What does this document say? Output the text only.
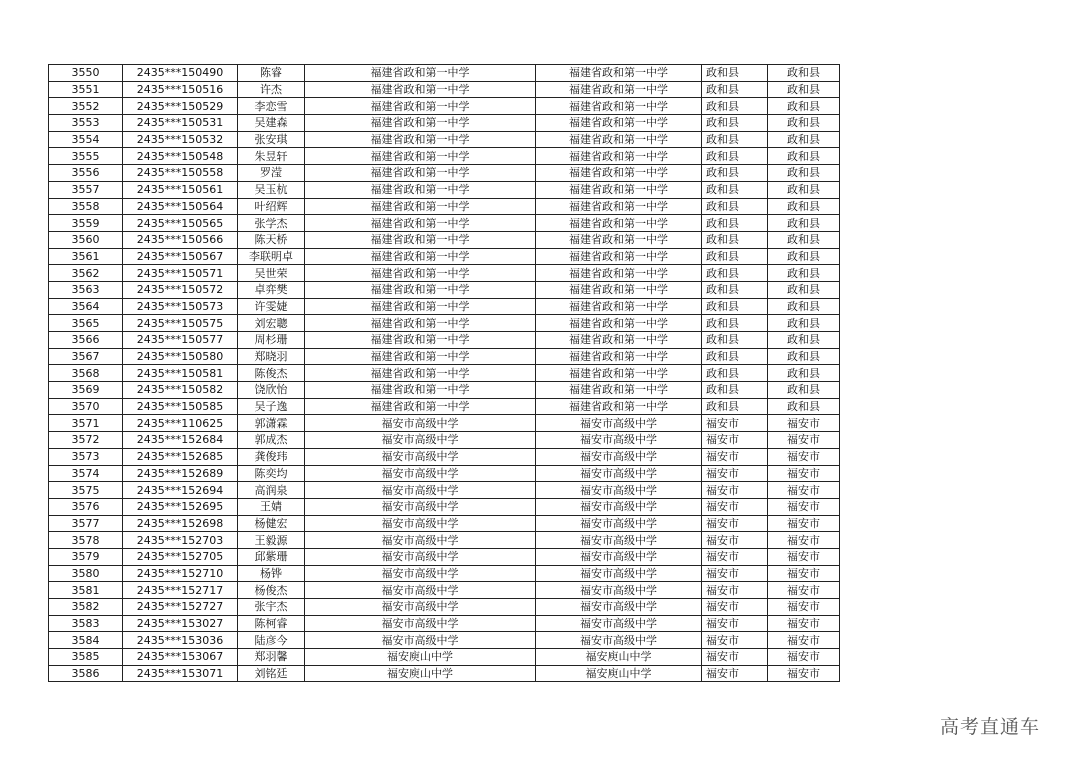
3550	2435***150490	陈睿	福建省政和第一中学	福建省政和第一中学	政和县	政和县
3551	2435***150516	许杰	福建省政和第一中学	福建省政和第一中学	政和县	政和县
3552	2435***150529	李恋雪	福建省政和第一中学	福建省政和第一中学	政和县	政和县
3553	2435***150531	吴建森	福建省政和第一中学	福建省政和第一中学	政和县	政和县
3554	2435***150532	张安琪	福建省政和第一中学	福建省政和第一中学	政和县	政和县
3555	2435***150548	朱昱轩	福建省政和第一中学	福建省政和第一中学	政和县	政和县
3556	2435***150558	罗滢	福建省政和第一中学	福建省政和第一中学	政和县	政和县
3557	2435***150561	吴玉杭	福建省政和第一中学	福建省政和第一中学	政和县	政和县
3558	2435***150564	叶绍辉	福建省政和第一中学	福建省政和第一中学	政和县	政和县
3559	2435***150565	张学杰	福建省政和第一中学	福建省政和第一中学	政和县	政和县
3560	2435***150566	陈天桥	福建省政和第一中学	福建省政和第一中学	政和县	政和县
3561	2435***150567	李联明卓	福建省政和第一中学	福建省政和第一中学	政和县	政和县
3562	2435***150571	吴世荣	福建省政和第一中学	福建省政和第一中学	政和县	政和县
3563	2435***150572	卓弈樊	福建省政和第一中学	福建省政和第一中学	政和县	政和县
3564	2435***150573	许雯婕	福建省政和第一中学	福建省政和第一中学	政和县	政和县
3565	2435***150575	刘宏聰	福建省政和第一中学	福建省政和第一中学	政和县	政和县
3566	2435***150577	周杉珊	福建省政和第一中学	福建省政和第一中学	政和县	政和县
3567	2435***150580	郑晓羽	福建省政和第一中学	福建省政和第一中学	政和县	政和县
3568	2435***150581	陈俊杰	福建省政和第一中学	福建省政和第一中学	政和县	政和县
3569	2435***150582	饶欣怡	福建省政和第一中学	福建省政和第一中学	政和县	政和县
3570	2435***150585	吴子逸	福建省政和第一中学	福建省政和第一中学	政和县	政和县
3571	2435***110625	郭潇霖	福安市高级中学	福安市高级中学	福安市	福安市
3572	2435***152684	郭成杰	福安市高级中学	福安市高级中学	福安市	福安市
3573	2435***152685	龚俊玮	福安市高级中学	福安市高级中学	福安市	福安市
3574	2435***152689	陈奕均	福安市高级中学	福安市高级中学	福安市	福安市
3575	2435***152694	高润泉	福安市高级中学	福安市高级中学	福安市	福安市
3576	2435***152695	王婧	福安市高级中学	福安市高级中学	福安市	福安市
3577	2435***152698	杨健宏	福安市高级中学	福安市高级中学	福安市	福安市
3578	2435***152703	王毅源	福安市高级中学	福安市高级中学	福安市	福安市
3579	2435***152705	邱紫珊	福安市高级中学	福安市高级中学	福安市	福安市
3580	2435***152710	杨铧	福安市高级中学	福安市高级中学	福安市	福安市
3581	2435***152717	杨俊杰	福安市高级中学	福安市高级中学	福安市	福安市
3582	2435***152727	张宇杰	福安市高级中学	福安市高级中学	福安市	福安市
3583	2435***153027	陈柯睿	福安市高级中学	福安市高级中学	福安市	福安市
3584	2435***153036	陆彦今	福安市高级中学	福安市高级中学	福安市	福安市
3585	2435***153067	郑羽馨	福安庾山中学	福安庾山中学	福安市	福安市
3586	2435***153071	刘铭廷	福安庾山中学	福安庾山中学	福安市	福安市
高考直通车
